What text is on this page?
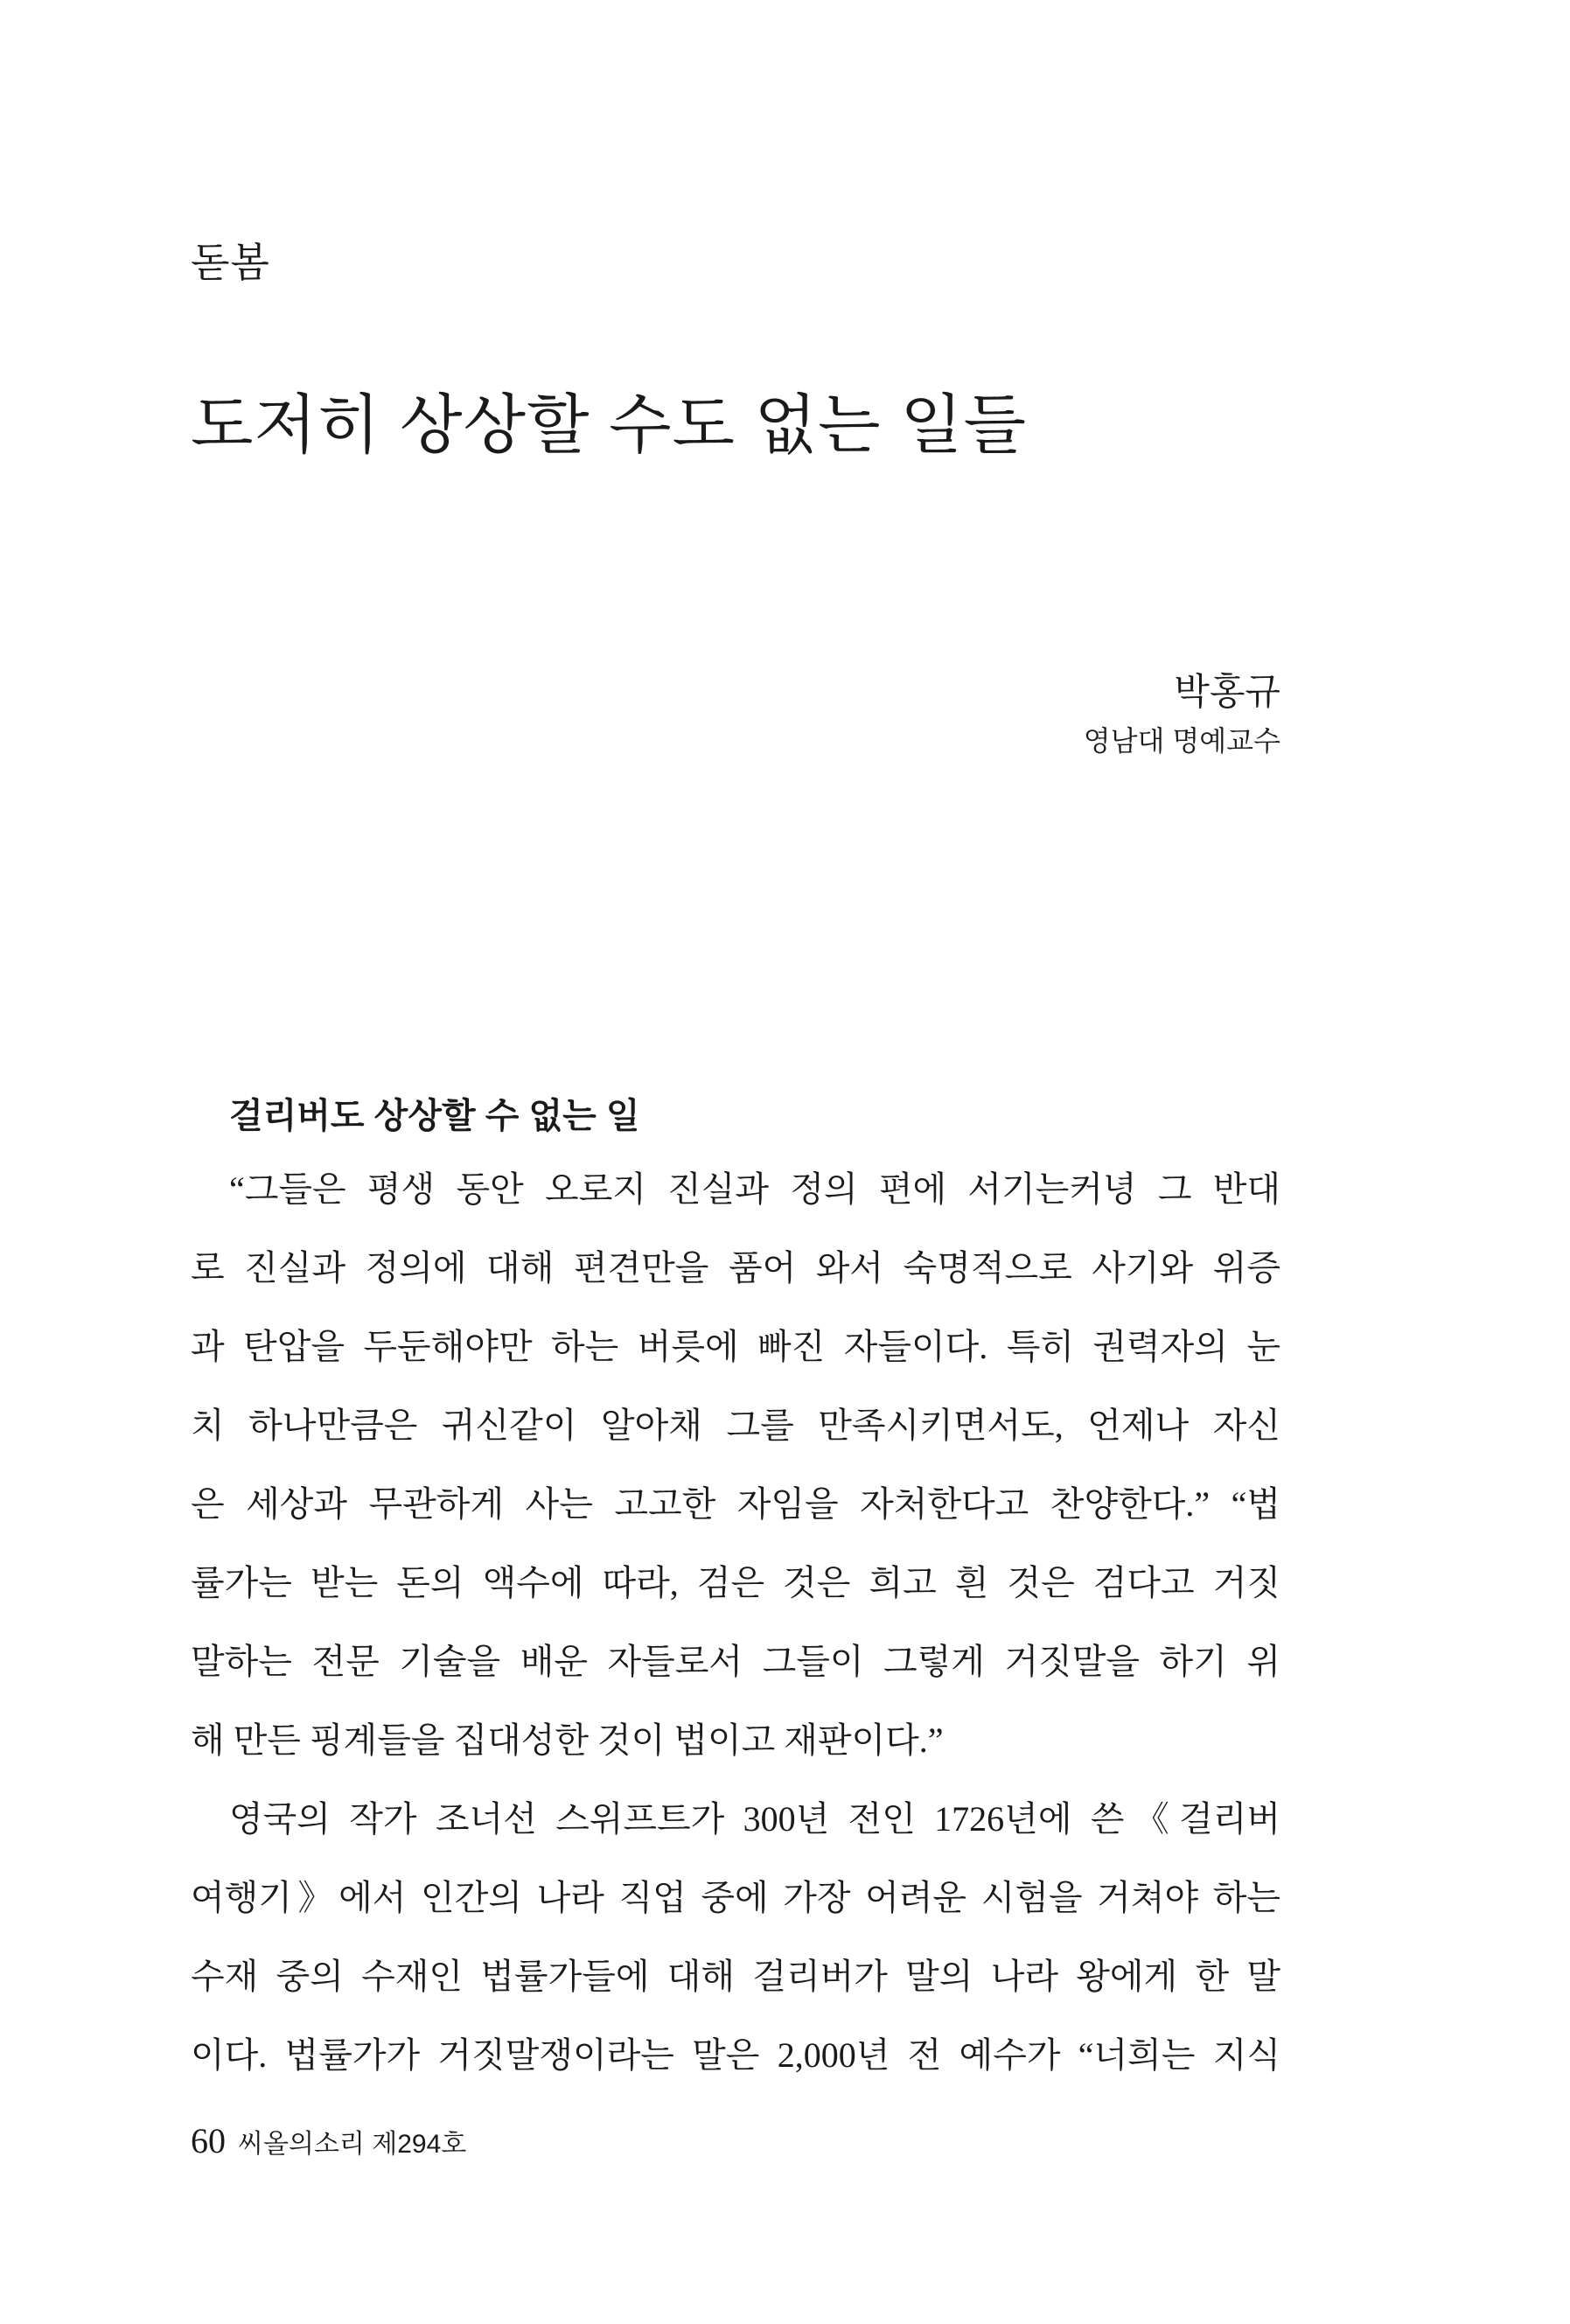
돋봄
도저히 상상할 수도 없는 일들

박홍규

영남대 명예교수

걸리버도 상상할 수 없는 일
“그들은 평생 동안 오로지 진실과 정의 편에 서기는커녕 그 반대
로 진실과 정의에 대해 편견만을 품어 와서 숙명적으로 사기와 위증
과 탄압을 두둔해야만 하는 버릇에 빠진 자들이다. 특히 권력자의 눈
치 하나만큼은 귀신같이 알아채 그를 만족시키면서도, 언제나 자신
은 세상과 무관하게 사는 고고한 자임을 자처한다고 찬양한다.” “법
률가는 받는 돈의 액수에 따라, 검은 것은 희고 흰 것은 검다고 거짓
말하는 전문 기술을 배운 자들로서 그들이 그렇게 거짓말을 하기 위
해 만든 핑계들을 집대성한 것이 법이고 재판이다.”
영국의 작가 조너선 스위프트가 300년 전인 1726년에 쓴《걸리버
여행기》에서 인간의 나라 직업 중에 가장 어려운 시험을 거쳐야 하는
수재 중의 수재인 법률가들에 대해 걸리버가 말의 나라 왕에게 한 말
이다. 법률가가 거짓말쟁이라는 말은 2,000년 전 예수가 “너희는 지식
60 씨올의소리 제294호
